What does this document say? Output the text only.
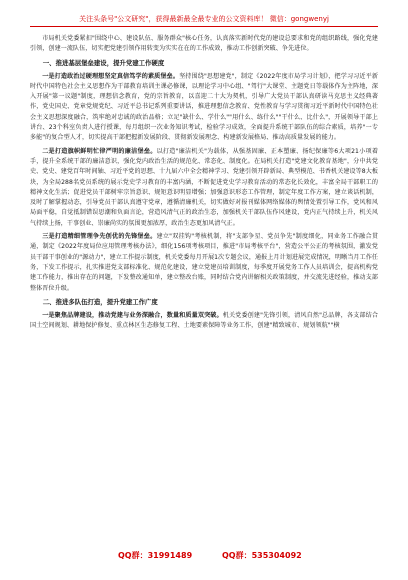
关注头条号"公文研究"，获得最新最全最专业的公文资料库！ 微信：gongwenyj

市局机关党委紧扣"围绕中心、建设队伍、服务群众"核心任务，认真落实新时代党的建设总要求和党的组织路线，强化党建引领，创建一流队伍，切实把党建引领作用转变为实实在在的工作成效，推动工作创新突破、争先进位。

一、推进基层堡垒建设，提升党建工作硬度

一是打造政治过硬理想坚定真信笃学的素质堡垒。坚持围绕"思想建党"，制定《2022年度市局学习计划》，把学习习近平新时代中国特色社会主义思想作为干部教育培训主课必修课，以理论学习中心组、"驾行"大课堂、主题党日等载体作为主阵地，深入开展"第一议题"制度，理想信念教育，党的宗旨教育，以喜迎二十大为契机，引导广大党员干部认真研读马克思主义经典著作，党史国史、党章党规党纪、习近平总书记系列重要讲话，推进理想信念教育、党性教育与学习贯彻习近平新时代中国特色社会主义思想深度融合，筑牢绝对忠诚的政治品格；立足"缺什么、学什么""用什么、练什么""干什么、比什么"，开展领导干部上讲台、23个科室负责人进行授课，每月组织一次业务知识考试，检验学习成效，全面提升系统干部队伍的综合素质，培养"一专多能"的复合型人才，切实提高干部把握新发展阶段、贯彻新发展理念、构建新发展格局、推动高质量发展的能力。

二是打造旗帜鲜明忙律严明的廉洁堡垒。以打造"廉洁机关"为载体，从强基固廉、正本塑廉、扬纪保廉等6大项21小项着手，提升全系统干部的廉洁意识，强化党内政治生活的规范化、常态化、制度化。在局机关打造"党建文化教育基地"，分中共党史、党史、建党百年时间轴、习近平党的思想、十九届六中全会精神学习、党建引领开辟新局、典型模范、书香机关建设等8大板块，为全局288名党员系统的展示党史学习教育的丰富内涵，不断促进党史学习教育活动的常态化长效化，丰富全局干部职工的精神文化生活；促进党员干部树牢宗旨意识、规矩意识明显增强；加强意识形态工作管理，制定年度工作方案，建立谈话机制，及时了解掌握动态，引导党员干部认真遵守党章，遵循清廉机关，切实做好对报刊媒体网络媒体的舆情处置引导工作，党风和风局面平稳，自觉抵制错误思潮和负面言论，营造风清气正的政治生态，加强机关干部队伍作风建设，党内正气持续上升，机关风气持续上扬，干事创业、崇廉尚实的氛围更加浓厚，政治生态更加风清气正。

三是打造精细管理争先创优的先锋堡垒。建立"双挂钩"考核机制，将"支部争星、党员争先"制度细化，同业务工作融合贯通，制定《2022年度局位应用管理考核办法》，细化156项考核项目，推进"市局考核平台"，营造公平公正的考核氛围，激发党员干部干事创业的"源动力"，建立工作提示制度，机关党委每月开展1次专题会议，通报上月计划进展完成情况，明晰当月工作任务，下发工作提示，扎实推进党支部标准化、规范化建设，建立党建员培训制度，每季度开展党务工作人员培训会，提高机构党建工作能力，推出存在的问题，下发整改通知单，建立整改台账，同时结合党内讲解相关政策制度，并交流先进经验，推动支部整体晋位升级。

二、推进多队伍打造，提升党建工作广度

一是聚焦品牌建设，推动党建与业务深融合，数量和质量双突破。机关党委创建"先锋引领，清风自然"总品牌，各支部结合国土空间规划、耕地保护修复、重点林区生态修复工程、土地要素保障等业务工作，创建"精致城市、规划领航""横

QQ群：31991489	QQ群：535304092
